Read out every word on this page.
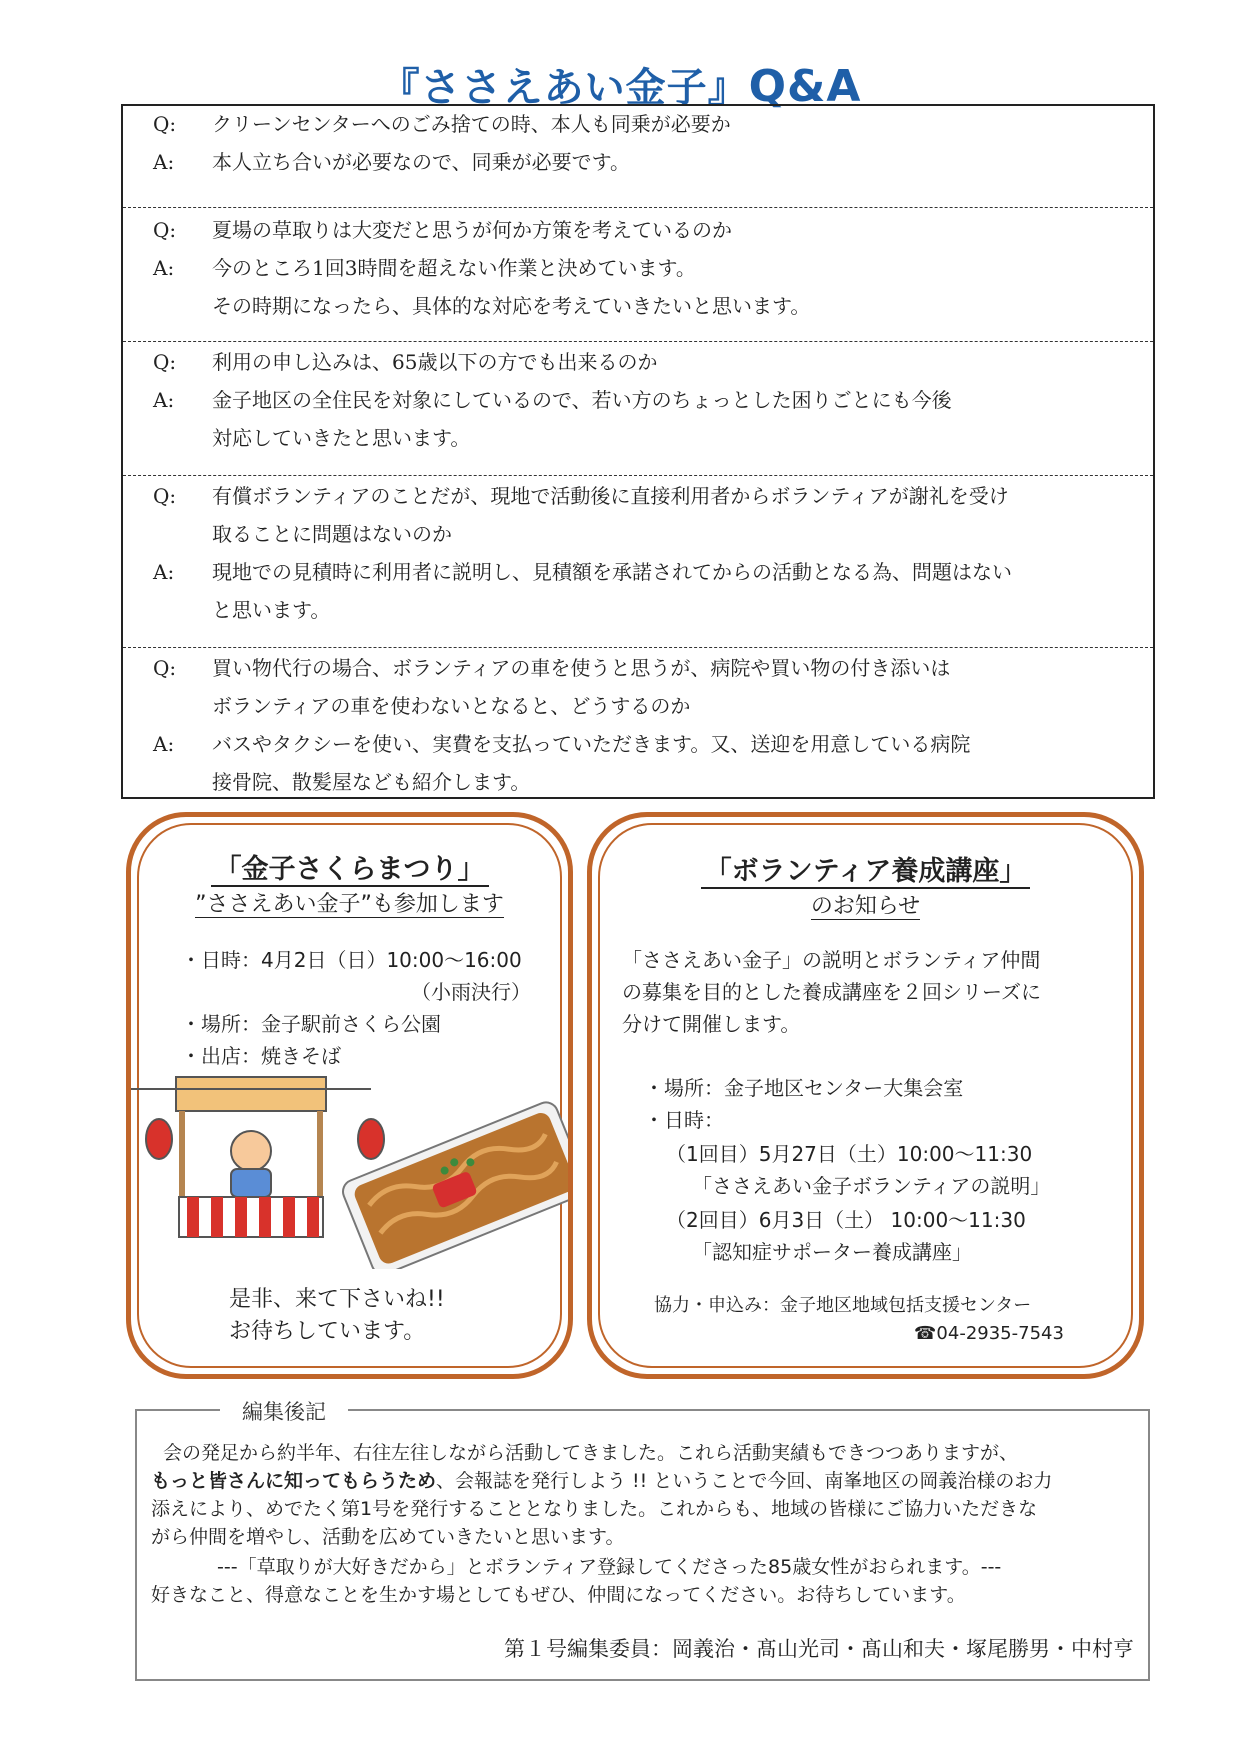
『ささえあい金子』Q&A
Q:	クリーンセンターへのごみ捨ての時、本人も同乗が必要か
A:	本人立ち合いが必要なので、同乗が必要です。
Q:	夏場の草取りは大変だと思うが何か方策を考えているのか
A:	今のところ1回3時間を超えない作業と決めています。
その時期になったら、具体的な対応を考えていきたいと思います。
Q:	利用の申し込みは、65歳以下の方でも出来るのか
A:	金子地区の全住民を対象にしているので、若い方のちょっとした困りごとにも今後
対応していきたと思います。
Q:	有償ボランティアのことだが、現地で活動後に直接利用者からボランティアが謝礼を受け
取ることに問題はないのか
A:	現地での見積時に利用者に説明し、見積額を承諾されてからの活動となる為、問題はない
と思います。
Q:	買い物代行の場合、ボランティアの車を使うと思うが、病院や買い物の付き添いは
ボランティアの車を使わないとなると、どうするのか
A:	バスやタクシーを使い、実費を支払っていただきます。又、送迎を用意している病院
接骨院、散髪屋なども紹介します。
「金子さくらまつり」
”ささえあい金子”も参加します
・日時：4月2日（日）10:00～16:00
（小雨決行）
・場所：金子駅前さくら公園
・出店：焼きそば
是非、来て下さいね!!
お待ちしています。
「ボランティア養成講座」
のお知らせ
「ささえあい金子」の説明とボランティア仲間
の募集を目的とした養成講座を２回シリーズに
分けて開催します。
・場所：金子地区センター大集会室
・日時：
（1回目）5月27日（土）10:00～11:30
「ささえあい金子ボランティアの説明」
（2回目）6月3日（土） 10:00～11:30
「認知症サポーター養成講座」
協力・申込み：金子地区地域包括支援センター
☎04-2935-7543
会の発足から約半年、右往左往しながら活動してきました。これら活動実績もできつつありますが、
もっと皆さんに知ってもらうため、会報誌を発行しよう !! ということで今回、南峯地区の岡義治様のお力
添えにより、めでたく第1号を発行することとなりました。これからも、地域の皆様にご協力いただきな
がら仲間を増やし、活動を広めていきたいと思います。
---「草取りが大好きだから」とボランティア登録してくださった85歳女性がおられます。---
好きなこと、得意なことを生かす場としてもぜひ、仲間になってください。お待ちしています。
第１号編集委員：岡義治・髙山光司・髙山和夫・塚尾勝男・中村亨
編集後記
